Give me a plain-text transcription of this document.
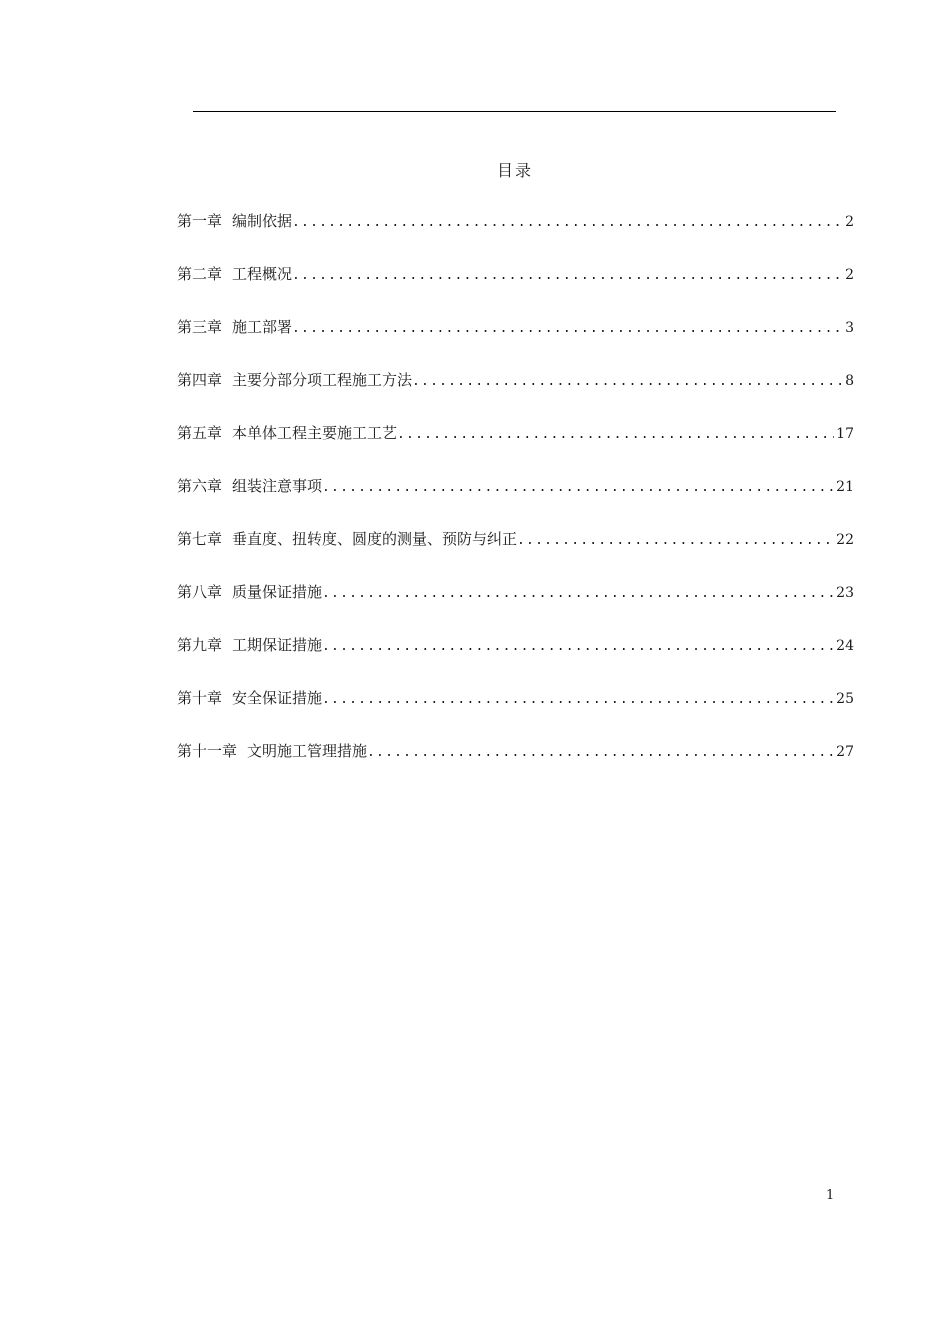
目录
第一章 编制依据 .....	2
第二章 工程概况 .....	2
第三章 施工部署 .....	3
第四章 主要分部分项工程施工方法 .....	8
第五章 本单体工程主要施工工艺 .....	17
第六章 组装注意事项 .....	21
第七章 垂直度、扭转度、圆度的测量、预防与纠正 .....	22
第八章 质量保证措施 .....	23
第九章 工期保证措施 .....	24
第十章 安全保证措施 .....	25
第十一章 文明施工管理措施 .....	27
1
